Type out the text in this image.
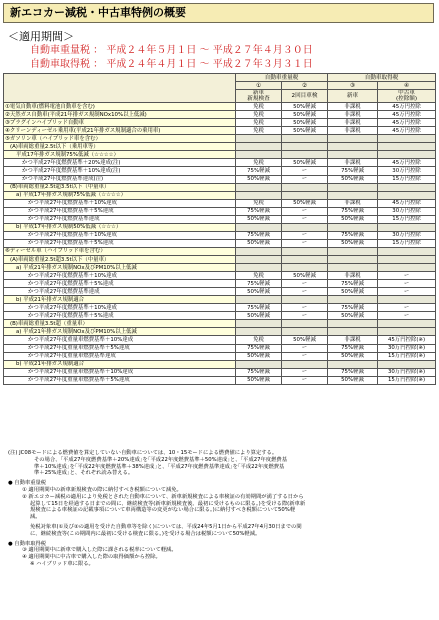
新エコカー減税・中古車特例の概要
＜適用期間＞
自動車重量税 ： 平成２４年５月１日 ～ 平成２７年４月３０日
自動車取得税 ： 平成２４年４月１日 ～ 平成２７年３月３１日
	自動車重量税		自動車取得税	
	①	②	③	④
	新車
新規検査	2回目車検	新車	中古車
(控除額)
①電気自動車(燃料電池自動車を含む)	免税	50%軽減	非課税	45万円控除
②天然ガス自動車(平成21年排ガス規制NOx10%以上低減)	免税	50%軽減	非課税	45万円控除
③プラグインハイブリッド自動車	免税	50%軽減	非課税	45万円控除
④クリーンディーゼル乗用車(平成21年排ガス規制適合の乗用車)	免税	50%軽減	非課税	45万円控除
⑤ガソリン車（ハイブリッド車を含む）				
(A)車両総重量2.5t以下（乗用車等）				
平成17年排ガス規制75%低減（☆☆☆☆）				
かつ平成27年度燃費基準＋20%達成(注)	免税	50%軽減	非課税	45万円控除
かつ平成27年度燃費基準＋10%達成(注)	75%軽減	ー	75%軽減	30万円控除
かつ平成27年度燃費基準達成(注)	50%軽減	ー	50%軽減	15万円控除
(B)車両総重量2.5t超3.5t以下（中量車）				
a) 平成17年排ガス規制75%低減（☆☆☆☆）				
かつ平成27年度燃費基準＋10%達成	免税	50%軽減	非課税	45万円控除
かつ平成27年度燃費基準＋5%達成	75%軽減	ー	75%軽減	30万円控除
かつ平成27年度燃費基準達成	50%軽減	ー	50%軽減	15万円控除
b) 平成17年排ガス規制50%低減（☆☆☆）				
かつ平成27年度燃費基準＋10%達成	75%軽減	ー	75%軽減	30万円控除
かつ平成27年度燃費基準＋5%達成	50%軽減	ー	50%軽減	15万円控除
⑥ディーゼル車（ハイブリッド車を含む）				
(A)車両総重量2.5t超3.5t以下（中量車）				
a) 平成21年排ガス規制NOx及びPM10%以上低減				
かつ平成27年度燃費基準＋10%達成	免税	50%軽減	非課税	ー
かつ平成27年度燃費基準＋5%達成	75%軽減	ー	75%軽減	ー
かつ平成27年度燃費基準達成	50%軽減	ー	50%軽減	ー
b) 平成21年排ガス規制適合				
かつ平成27年度燃費基準＋10%達成	75%軽減	ー	75%軽減	ー
かつ平成27年度燃費基準＋5%達成	50%軽減	ー	50%軽減	ー
(B)車両総重量3.5t超（重量車）				
a) 平成21年排ガス規制NOx及びPM10%以上低減				
かつ平成27年度重量車燃費基準＋10%達成	免税	50%軽減	非課税	45万円控除(※)
かつ平成27年度重量車燃費基準＋5%達成	75%軽減	ー	75%軽減	30万円控除(※)
かつ平成27年度重量車燃費基準達成	50%軽減	ー	50%軽減	15万円控除(※)
b) 平成21年排ガス規制適合				
かつ平成27年度重量車燃費基準＋10%達成	75%軽減	ー	75%軽減	30万円控除(※)
かつ平成27年度重量車燃費基準＋5%達成	50%軽減	ー	50%軽減	15万円控除(※)

(注) JC08モードによる燃費値を算定していない自動車については、10・15モードによる燃費値により算定する。

その場合、｢平成27年度燃費基準＋20%達成｣を｢平成22年度燃費基準＋50%達成｣と、｢平成27年度燃費基

準＋10%達成｣を｢平成22年度燃費基準＋38%達成｣と、｢平成27年度燃費基準達成｣を｢平成22年度燃費基

準＋25%達成｣と、それぞれ読み替える。

● 自動車重量税

① 適用期間中の新車新規検査の際に納付すべき税額について減免。

② 新エコカー減税の適用により免税とされた自動車について、新車新規検査による車検証の有効期間が満了する日から

起算して15日を経過する日までの間に、継続検査等(新車新規検査後、最初に受けるものに限る。)を受ける際(新車新

規検査による車検証の記載事項について車両構造等の変更がない場合に限る。)に納付すべき税額について50%軽

減。

免税対象車(①及び②の適用を受けた自動車等を除く)については、平成24年5月1日から平成27年4月30日までの間

に、継続検査等(この期間内に最初に受ける検査に限る。)を受ける場合は税額について50%軽減。

● 自動車取得税

③ 適用期間中に新車で購入した際に課される税率について軽減。

④ 適用期間中に中古車で購入した際の取得価額から控除。

※ ハイブリッド車に限る。
